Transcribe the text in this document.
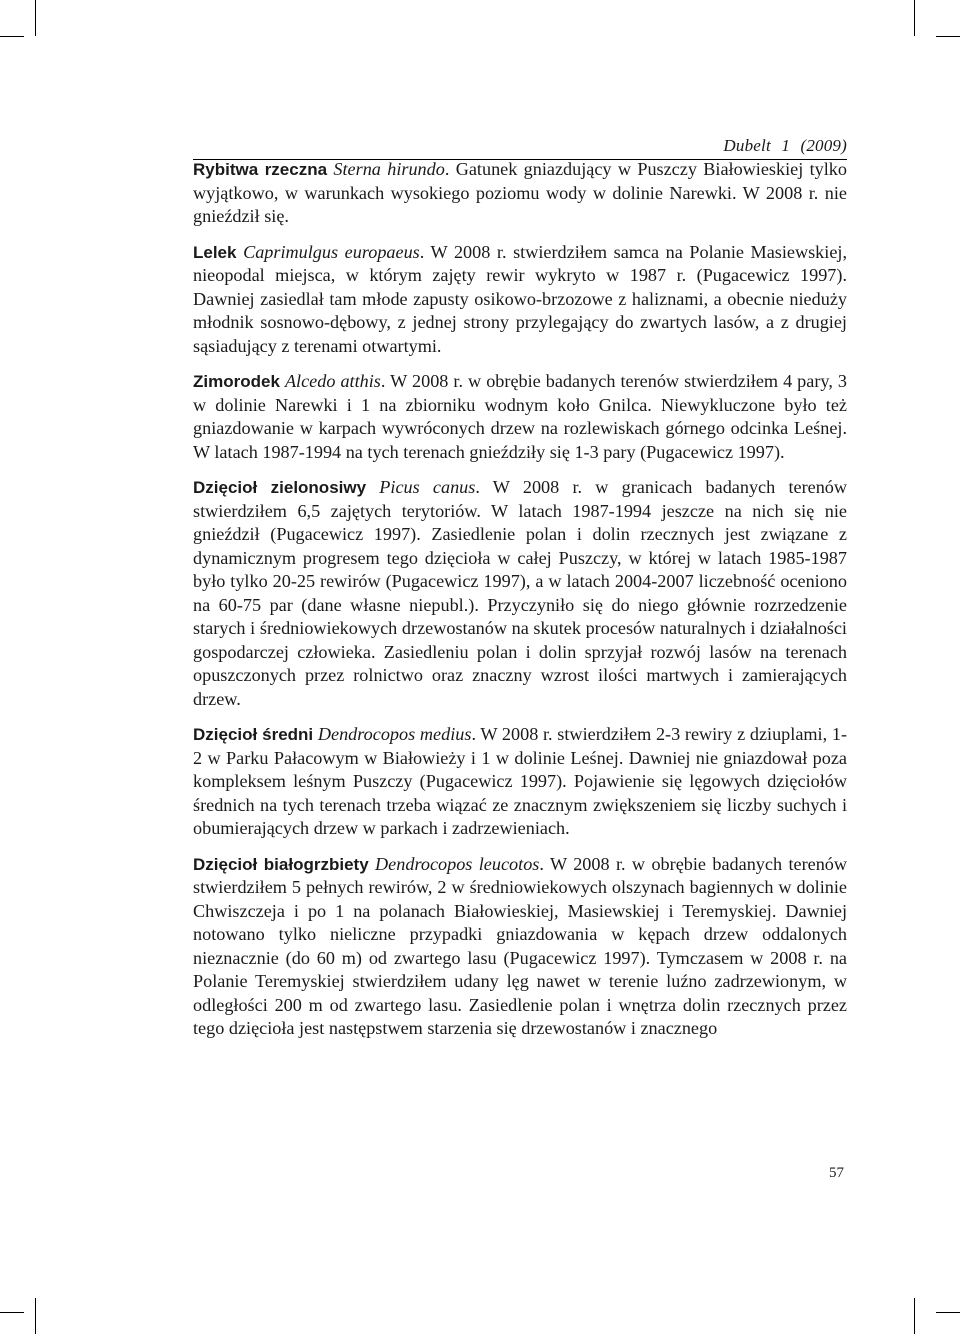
Dubelt 1 (2009)

Rybitwa rzeczna Sterna hirundo. Gatunek gniazdujący w Puszczy Białowieskiej tylko wyjątkowo, w warunkach wysokiego poziomu wody w dolinie Narewki. W 2008 r. nie gnieździł się.

Lelek Caprimulgus europaeus. W 2008 r. stwierdziłem samca na Polanie Masiewskiej, nieopodal miejsca, w którym zajęty rewir wykryto w 1987 r. (Pugacewicz 1997). Dawniej zasiedlał tam młode zapusty osikowo-brzozowe z haliznami, a obecnie nieduży młodnik sosnowo-dębowy, z jednej strony przylegający do zwartych lasów, a z drugiej sąsiadujący z terenami otwartymi.

Zimorodek Alcedo atthis. W 2008 r. w obrębie badanych terenów stwierdziłem 4 pary, 3 w dolinie Narewki i 1 na zbiorniku wodnym koło Gnilca. Niewykluczone było też gniazdowanie w karpach wywróconych drzew na rozlewiskach górnego odcinka Leśnej. W latach 1987-1994 na tych terenach gnieździły się 1-3 pary (Pugacewicz 1997).

Dzięcioł zielonosiwy Picus canus. W 2008 r. w granicach badanych terenów stwierdziłem 6,5 zajętych terytoriów. W latach 1987-1994 jeszcze na nich się nie gnieździł (Pugacewicz 1997). Zasiedlenie polan i dolin rzecznych jest związane z dynamicznym progresem tego dzięcioła w całej Puszczy, w której w latach 1985-1987 było tylko 20-25 rewirów (Pugacewicz 1997), a w latach 2004-2007 liczebność oceniono na 60-75 par (dane własne niepubl.). Przyczyniło się do niego głównie rozrzedzenie starych i średniowiekowych drzewostanów na skutek procesów naturalnych i działalności gospodarczej człowieka. Zasiedleniu polan i dolin sprzyjał rozwój lasów na terenach opuszczonych przez rolnictwo oraz znaczny wzrost ilości martwych i zamierających drzew.

Dzięcioł średni Dendrocopos medius. W 2008 r. stwierdziłem 2-3 rewiry z dziuplami, 1-2 w Parku Pałacowym w Białowieży i 1 w dolinie Leśnej. Dawniej nie gniazdował poza kompleksem leśnym Puszczy (Pugacewicz 1997). Pojawienie się lęgowych dzięciołów średnich na tych terenach trzeba wiązać ze znacznym zwiększeniem się liczby suchych i obumierających drzew w parkach i zadrzewieniach.

Dzięcioł białogrzbiety Dendrocopos leucotos. W 2008 r. w obrębie badanych terenów stwierdziłem 5 pełnych rewirów, 2 w średniowiekowych olszynach bagiennych w dolinie Chwiszczeja i po 1 na polanach Białowieskiej, Masiewskiej i Teremyskiej. Dawniej notowano tylko nieliczne przypadki gniazdowania w kępach drzew oddalonych nieznacznie (do 60 m) od zwartego lasu (Pugacewicz 1997). Tymczasem w 2008 r. na Polanie Teremyskiej stwierdziłem udany lęg nawet w terenie luźno zadrzewionym, w odległości 200 m od zwartego lasu. Zasiedlenie polan i wnętrza dolin rzecznych przez tego dzięcioła jest następstwem starzenia się drzewostanów i znacznego

57
